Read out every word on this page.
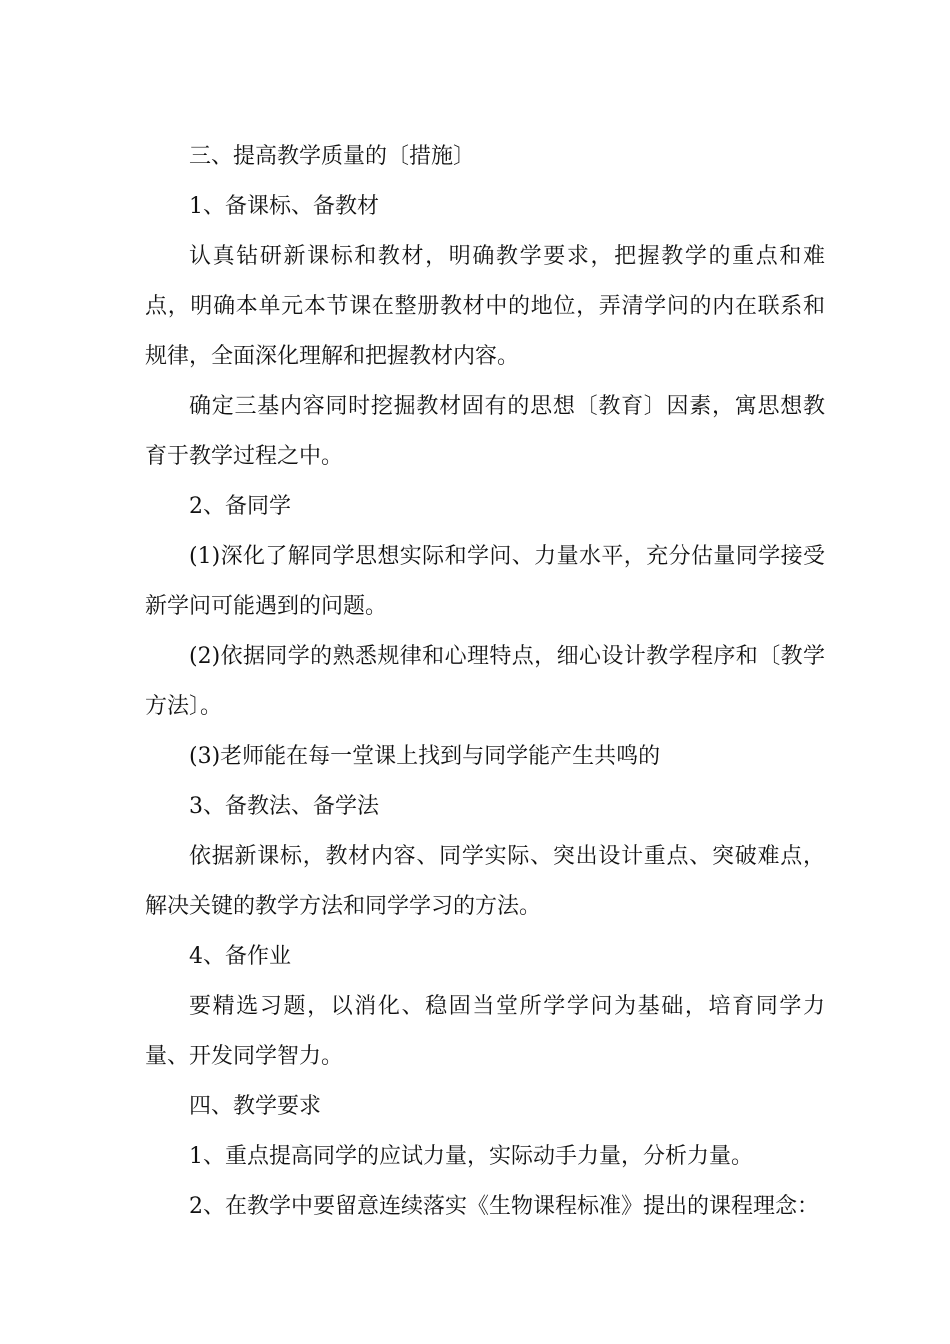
三、提高教学质量的〔措施〕

1、备课标、备教材

认真钻研新课标和教材，明确教学要求，把握教学的重点和难点，明确本单元本节课在整册教材中的地位，弄清学问的内在联系和规律，全面深化理解和把握教材内容。

确定三基内容同时挖掘教材固有的思想〔教育〕因素，寓思想教育于教学过程之中。

2、备同学

(1)深化了解同学思想实际和学问、力量水平，充分估量同学接受新学问可能遇到的问题。

(2)依据同学的熟悉规律和心理特点，细心设计教学程序和〔教学方法〕。

(3)老师能在每一堂课上找到与同学能产生共鸣的

3、备教法、备学法

依据新课标，教材内容、同学实际、突出设计重点、突破难点，解决关键的教学方法和同学学习的方法。

4、备作业

要精选习题，以消化、稳固当堂所学学问为基础，培育同学力量、开发同学智力。

四、教学要求

1、重点提高同学的应试力量，实际动手力量，分析力量。

2、在教学中要留意连续落实《生物课程标准》提出的课程理念：
